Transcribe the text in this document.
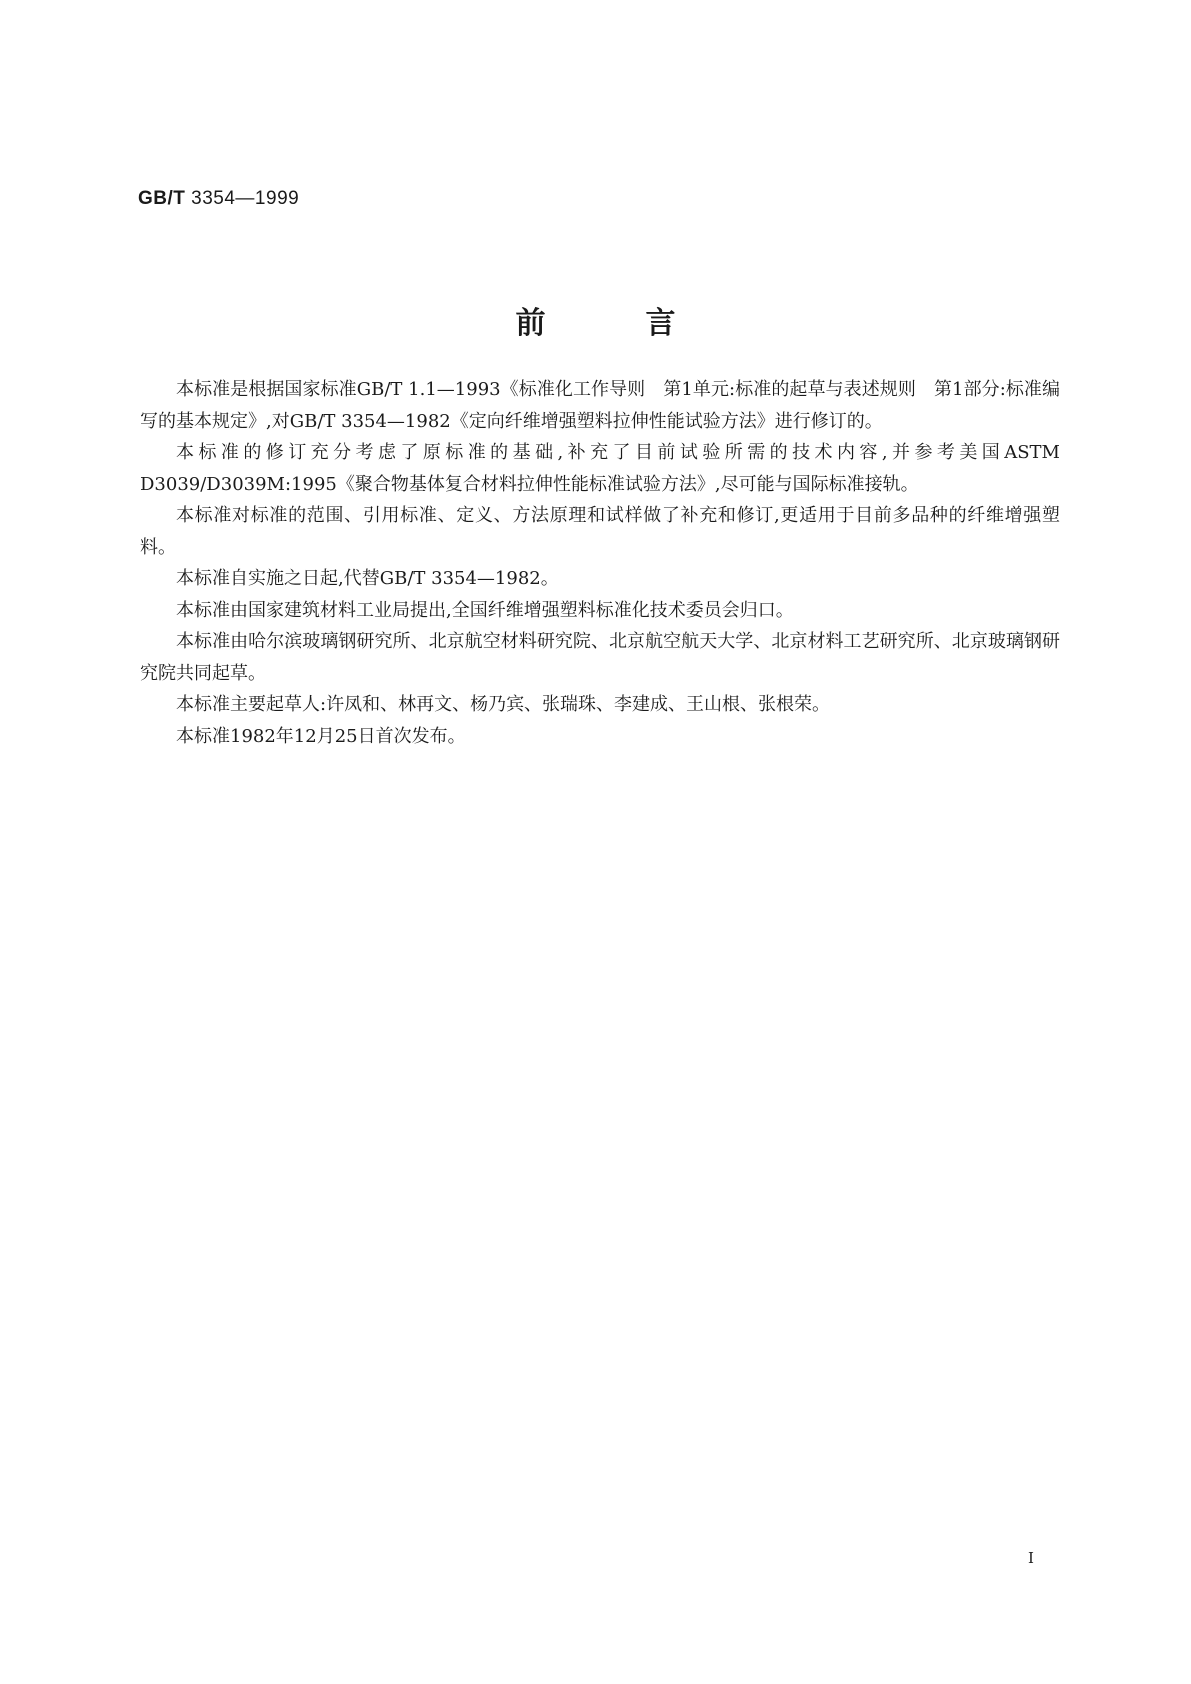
GB/T 3354—1999
前言

本标准是根据国家标准GB/T 1.1—1993《标准化工作导则　第1单元:标准的起草与表述规则　第1部分:标准编写的基本规定》,对GB/T 3354—1982《定向纤维增强塑料拉伸性能试验方法》进行修订的。

本标准的修订充分考虑了原标准的基础,补充了目前试验所需的技术内容,并参考美国ASTM D3039/D3039M:1995《聚合物基体复合材料拉伸性能标准试验方法》,尽可能与国际标准接轨。

本标准对标准的范围、引用标准、定义、方法原理和试样做了补充和修订,更适用于目前多品种的纤维增强塑料。

本标准自实施之日起,代替GB/T 3354—1982。

本标准由国家建筑材料工业局提出,全国纤维增强塑料标准化技术委员会归口。

本标准由哈尔滨玻璃钢研究所、北京航空材料研究院、北京航空航天大学、北京材料工艺研究所、北京玻璃钢研究院共同起草。

本标准主要起草人:许凤和、林再文、杨乃宾、张瑞珠、李建成、王山根、张根荣。

本标准1982年12月25日首次发布。

I
